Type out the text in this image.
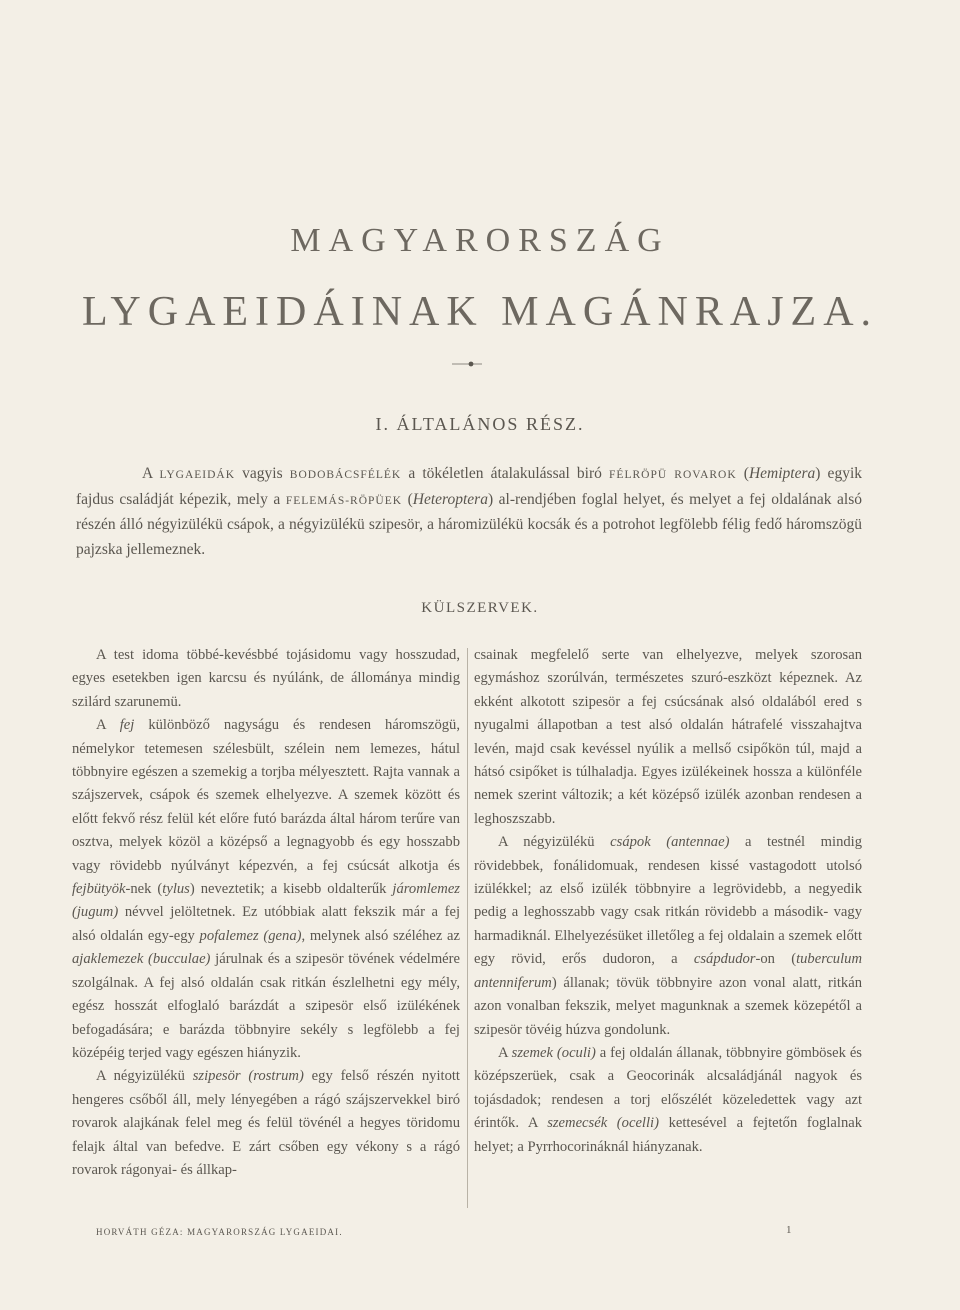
MAGYARORSZÁG
LYGAEIDÁINAK MAGÁNRAJZA.
I. ÁLTALÁNOS RÉSZ.

A LYGAEIDÁK vagyis BODOBÁCSFÉLÉK a tökéletlen átalakulással biró FÉLRÖPÜ ROVAROK (Hemiptera) egyik fajdus családját képezik, mely a FELEMÁS-RÖPÜEK (Heteroptera) al-rendjében foglal helyet, és melyet a fej oldalának alsó részén álló négyizülékü csápok, a négyizülékü szipesör, a háromizülékü kocsák és a potrohot legfölebb félig fedő háromszögü pajzska jellemeznek.

KÜLSZERVEK.

A test idoma többé-kevésbbé tojásidomu vagy hosszudad, egyes esetekben igen karcsu és nyúlánk, de állománya mindig szilárd szarunemü.

A fej különböző nagyságu és rendesen háromszögü, némelykor tetemesen szélesbült, szélein nem lemezes, hátul többnyire egészen a szemekig a torjba mélyesztett. Rajta vannak a szájszervek, csápok és szemek elhelyezve. A szemek között és előtt fekvő rész felül két előre futó barázda által három terűre van osztva, melyek közöl a középső a legnagyobb és egy hosszabb vagy rövidebb nyúlványt képezvén, a fej csúcsát alkotja és fejbütyök-nek (tylus) neveztetik; a kisebb oldalterűk járomlemez (jugum) névvel jelöltetnek. Ez utóbbiak alatt fekszik már a fej alsó oldalán egy-egy pofalemez (gena), melynek alsó széléhez az ajaklemezek (bucculae) járulnak és a szipesör tövének védelmére szolgálnak. A fej alsó oldalán csak ritkán észlelhetni egy mély, egész hosszát elfoglaló barázdát a szipesör első izülékének befogadására; e barázda többnyire sekély s legfölebb a fej középéig terjed vagy egészen hiányzik.

A négyizülékü szipesör (rostrum) egy felső részén nyitott hengeres csőből áll, mely lényegében a rágó szájszervekkel biró rovarok alajkának felel meg és felül tövénél a hegyes töridomu felajk által van befedve. E zárt csőben egy vékony s a rágó rovarok rágonyai- és állkap-

csainak megfelelő serte van elhelyezve, melyek szorosan egymáshoz szorúlván, természetes szuró-eszközt képeznek. Az ekként alkotott szipesör a fej csúcsának alsó oldalából ered s nyugalmi állapotban a test alsó oldalán hátrafelé visszahajtva levén, majd csak kevéssel nyúlik a mellső csipőkön túl, majd a hátsó csipőket is túlhaladja. Egyes izülékeinek hossza a különféle nemek szerint változik; a két középső izülék azonban rendesen a leghoszszabb.

A négyizülékü csápok (antennae) a testnél mindig rövidebbek, fonálidomuak, rendesen kissé vastagodott utolsó izülékkel; az első izülék többnyire a legrövidebb, a negyedik pedig a leghosszabb vagy csak ritkán rövidebb a második- vagy harmadiknál. Elhelyezésüket illetőleg a fej oldalain a szemek előtt egy rövid, erős dudoron, a csápdudor-on (tuberculum antenniferum) állanak; tövük többnyire azon vonal alatt, ritkán azon vonalban fekszik, melyet magunknak a szemek közepétől a szipesör tövéig húzva gondolunk.

A szemek (oculi) a fej oldalán állanak, többnyire gömbösek és középszerüek, csak a Geocorinák alcsaládjánál nagyok és tojásdadok; rendesen a torj előszélét közeledettek vagy azt érintők. A szemecsék (ocelli) kettesével a fejtetőn foglalnak helyet; a Pyrrhocorináknál hiányzanak.

HORVÁTH GÉZA: MAGYARORSZÁG LYGAEIDAI.	1
